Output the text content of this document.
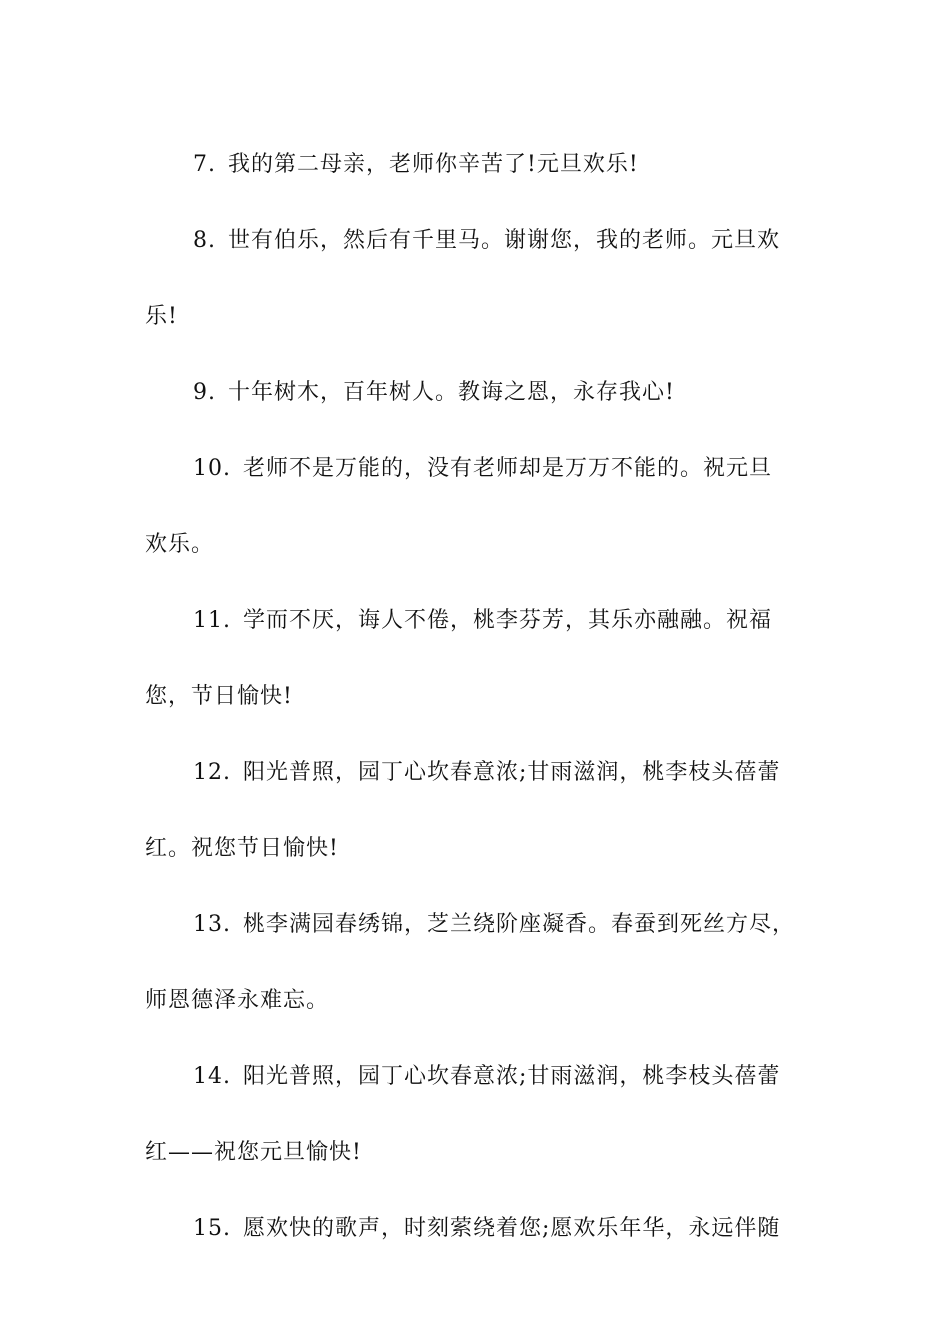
7. 我的第二母亲，老师你辛苦了!元旦欢乐!
8. 世有伯乐，然后有千里马。谢谢您，我的老师。元旦欢
乐!
9. 十年树木，百年树人。教诲之恩，永存我心!
10. 老师不是万能的，没有老师却是万万不能的。祝元旦
欢乐。
11. 学而不厌，诲人不倦，桃李芬芳，其乐亦融融。祝福
您，节日愉快!
12. 阳光普照，园丁心坎春意浓;甘雨滋润，桃李枝头蓓蕾
红。祝您节日愉快!
13. 桃李满园春绣锦，芝兰绕阶座凝香。春蚕到死丝方尽，
师恩德泽永难忘。
14. 阳光普照，园丁心坎春意浓;甘雨滋润，桃李枝头蓓蕾
红——祝您元旦愉快!
15. 愿欢快的歌声，时刻萦绕着您;愿欢乐年华，永远伴随
